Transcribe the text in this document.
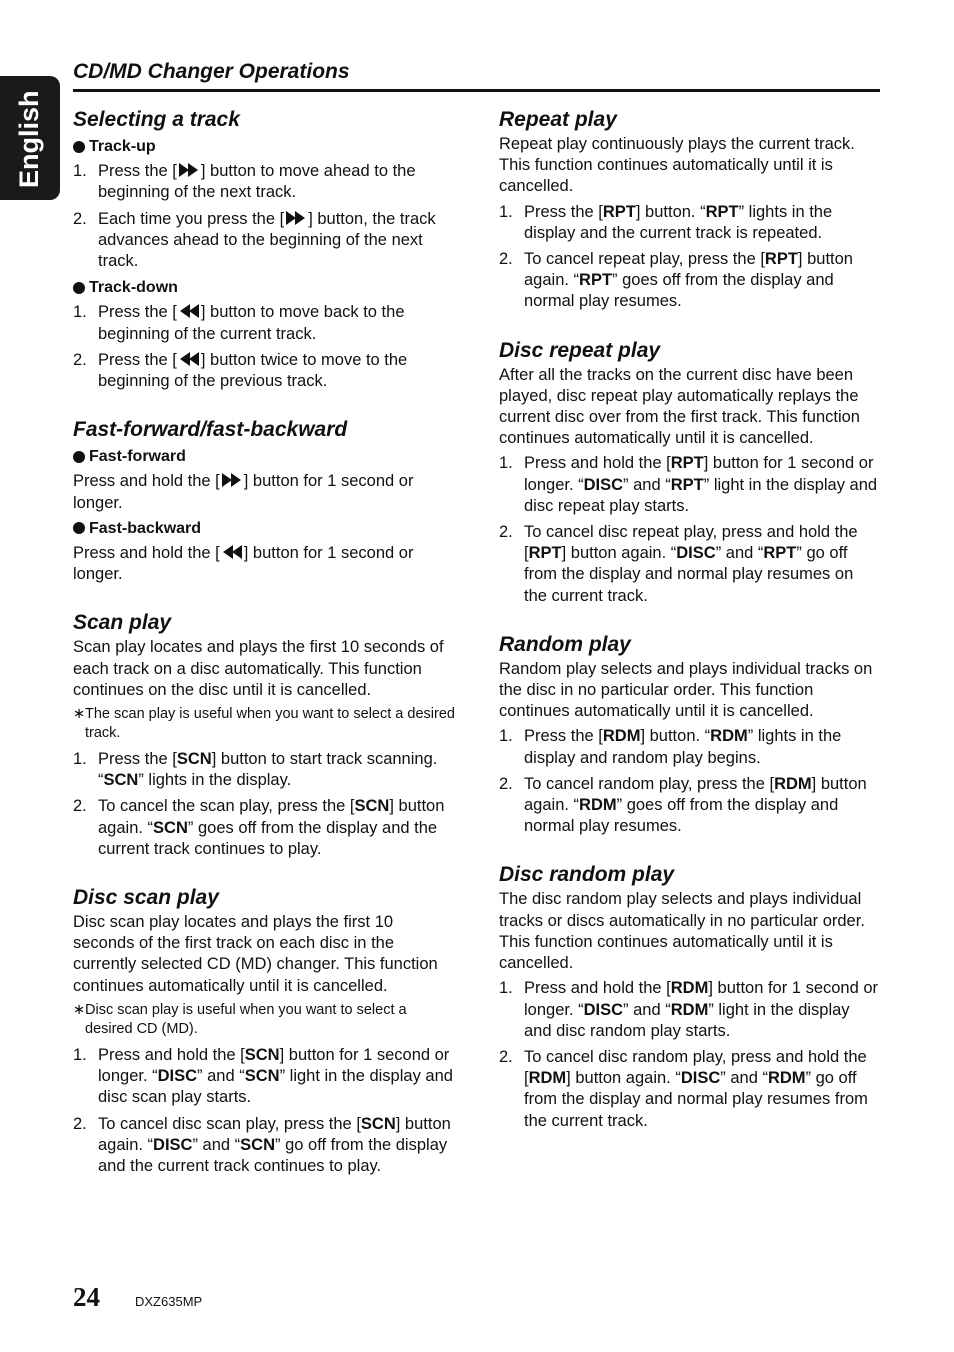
English
CD/MD Changer Operations
Selecting a track
Track-up
1. Press the [ ] button to move ahead to the beginning of the next track.
2. Each time you press the [ ] button, the track advances ahead to the beginning of the next track.
Track-down
1. Press the [ ] button to move back to the beginning of the current track.
2. Press the [ ] button twice to move to the beginning of the previous track.
Fast-forward/fast-backward
Fast-forward

Press and hold the [ ] button for 1 second or longer.

Fast-backward

Press and hold the [ ] button for 1 second or longer.

Scan play

Scan play locates and plays the first 10 seconds of each track on a disc automatically. This function continues on the disc until it is cancelled.

∗ The scan play is useful when you want to select a desired track.
1. Press the [SCN] button to start track scanning. “SCN” lights in the display.
2. To cancel the scan play, press the [SCN] button again. “SCN” goes off from the display and the current track continues to play.
Disc scan play

Disc scan play locates and plays the first 10 seconds of the first track on each disc in the currently selected CD (MD) changer. This function continues automatically until it is cancelled.

∗ Disc scan play is useful when you want to select a desired CD (MD).
1. Press and hold the [SCN] button for 1 second or longer. “DISC” and “SCN” light in the display and disc scan play starts.
2. To cancel disc scan play, press the [SCN] button again. “DISC” and “SCN” go off from the display and the current track continues to play.
Repeat play

Repeat play continuously plays the current track. This function continues automatically until it is cancelled.

1. Press the [RPT] button. “RPT” lights in the display and the current track is repeated.
2. To cancel repeat play, press the [RPT] button again. “RPT” goes off from the display and normal play resumes.
Disc repeat play

After all the tracks on the current disc have been played, disc repeat play automatically replays the current disc over from the first track. This function continues automatically until it is cancelled.

1. Press and hold the [RPT] button for 1 second or longer. “DISC” and “RPT” light in the display and disc repeat play starts.
2. To cancel disc repeat play, press and hold the [RPT] button again. “DISC” and “RPT” go off from the display and normal play resumes on the current track.
Random play

Random play selects and plays individual tracks on the disc in no particular order. This function continues automatically until it is cancelled.

1. Press the [RDM] button. “RDM” lights in the display and random play begins.
2. To cancel random play, press the [RDM] button again. “RDM” goes off from the display and normal play resumes.
Disc random play

The disc random play selects and plays individual tracks or discs automatically in no particular order. This function continues automatically until it is cancelled.

1. Press and hold the [RDM] button for 1 second or longer. “DISC” and “RDM” light in the display and disc random play starts.
2. To cancel disc random play, press and hold the [RDM] button again. “DISC” and “RDM” go off from the display and normal play resumes from the current track.
24	DXZ635MP
